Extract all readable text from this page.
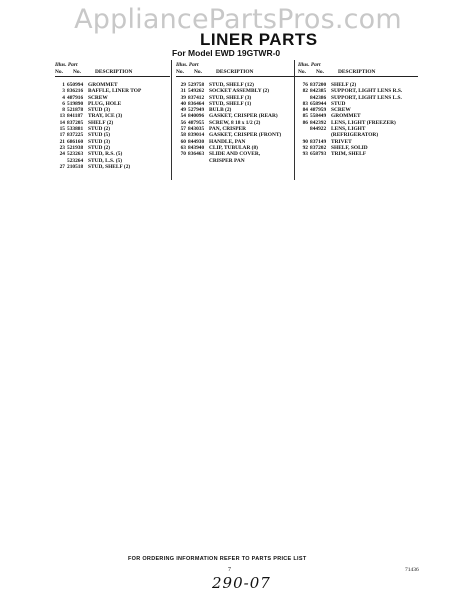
AppliancePartsPros.com
LINER PARTS
For Model EWD 19GTWR-0
Illus. Part
No. No.	DESCRIPTION
1 650994 GROMMET
3 836216 BAFFLE, LINER TOP
4 487916 SCREW
6 519890 PLUG, HOLE
8 521878 STUD (3)
13 841187 TRAY, ICE (3)
14 837205 SHELF (2)
15 533881 STUD (2)
17 837225 STUD (5)
21 686160 STUD (3)
23 521938 STUD (2)
24 523263 STUD, R.S. (5)
523264 STUD, L.S. (5)
27 210518 STUD, SHELF (2)
Illus. Part
No. No.	DESCRIPTION
29 529758 STUD, SHELF (12)
31 549262 SOCKET ASSEMBLY (2)
39 837412 STUD, SHELF (3)
40 836464 STUD, SHELF (1)
49 527949 BULB (2)
54 840096 GASKET, CRISPER (REAR)
56 487955 SCREW, 8 18 x 1/2 (2)
57 843035 PAN, CRISPER
58 839014 GASKET, CRISPER (FRONT)
60 844930 HANDLE, PAN
63 843940 CLIP, TUBULAR (8)
70 836463 SLIDE AND COVER,
CRISPER PAN
Illus. Part
No. No.	DESCRIPTION
76 837200 SHELF (2)
82 842385 SUPPORT, LIGHT LENS R.S.
842386 SUPPORT, LIGHT LENS L.S.
83 658944 STUD
84 487959 SCREW
85 558449 GROMMET
86 842392 LENS, LIGHT (FREEZER)
844922 LENS, LIGHT
(REFRIGERATOR)
90 837149 TRIVET
92 837202 SHELF, SOLID
93 658793 TRIM, SHELF
FOR ORDERING INFORMATION REFER TO PARTS PRICE LIST
7	71436
290-07
